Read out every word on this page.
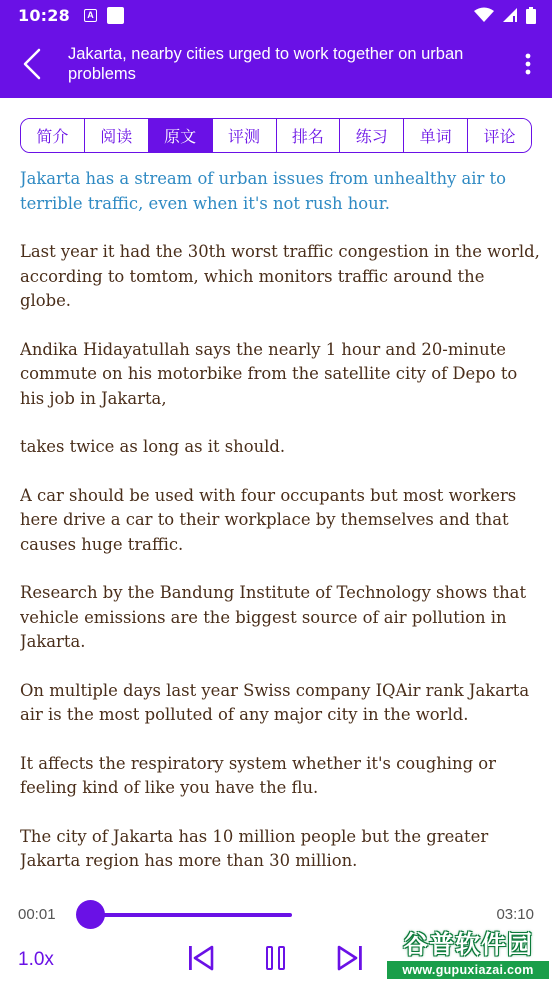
10:28	A
Jakarta, nearby cities urged to work together on urban problems
简介	阅读	原文	评测	排名	练习	单词	评论

Jakarta has a stream of urban issues from unhealthy air to terrible traffic, even when it's not rush hour.

Last year it had the 30th worst traffic congestion in the world, according to tomtom, which monitors traffic around the globe.

Andika Hidayatullah says the nearly 1 hour and 20-minute commute on his motorbike from the satellite city of Depo to his job in Jakarta,

takes twice as long as it should.

A car should be used with four occupants but most workers here drive a car to their workplace by themselves and that causes huge traffic.

Research by the Bandung Institute of Technology shows that vehicle emissions are the biggest source of air pollution in Jakarta.

On multiple days last year Swiss company IQAir rank Jakarta air is the most polluted of any major city in the world.

It affects the respiratory system whether it's coughing or feeling kind of like you have the flu.

The city of Jakarta has 10 million people but the greater Jakarta region has more than 30 million.

00:01	03:10
1.0x
谷普软件园
www.gupuxiazai.com
